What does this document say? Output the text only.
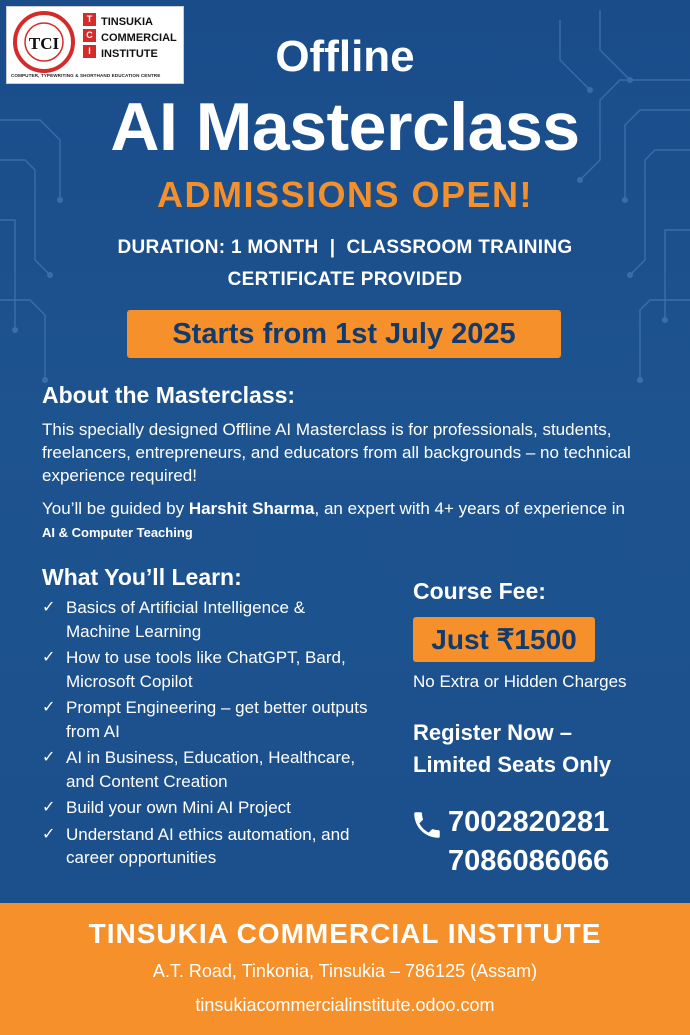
TCI
T
C
I
TINSUKIA
COMMERCIAL
INSTITUTE
COMPUTER, TYPEWRITING & SHORTHAND EDUCATION CENTRE	Offline
AI Masterclass
ADMISSIONS OPEN!
DURATION: 1 MONTH  |  CLASSROOM TRAINING
CERTIFICATE PROVIDED
Starts from 1st July 2025
About the Masterclass:
This specially designed Offline AI Masterclass is for professionals, students, freelancers, entrepreneurs, and educators from all backgrounds – no technical experience required!
You’ll be guided by Harshit Sharma, an expert with 4+ years of experience in AI & Computer Teaching
What You’ll Learn:
✓ Basics of Artificial Intelligence & Machine Learning
✓ How to use tools like ChatGPT, Bard, Microsoft Copilot
✓ Prompt Engineering – get better outputs from AI
✓ AI in Business, Education, Healthcare, and Content Creation
✓ Build your own Mini AI Project
✓ Understand AI ethics automation, and career opportunities
Course Fee:
Just ₹1500
No Extra or Hidden Charges
Register Now –
Limited Seats Only
7002820281
7086086066
TINSUKIA COMMERCIAL INSTITUTE
A.T. Road, Tinkonia, Tinsukia – 786125 (Assam)
tinsukiacommercialinstitute.odoo.com
